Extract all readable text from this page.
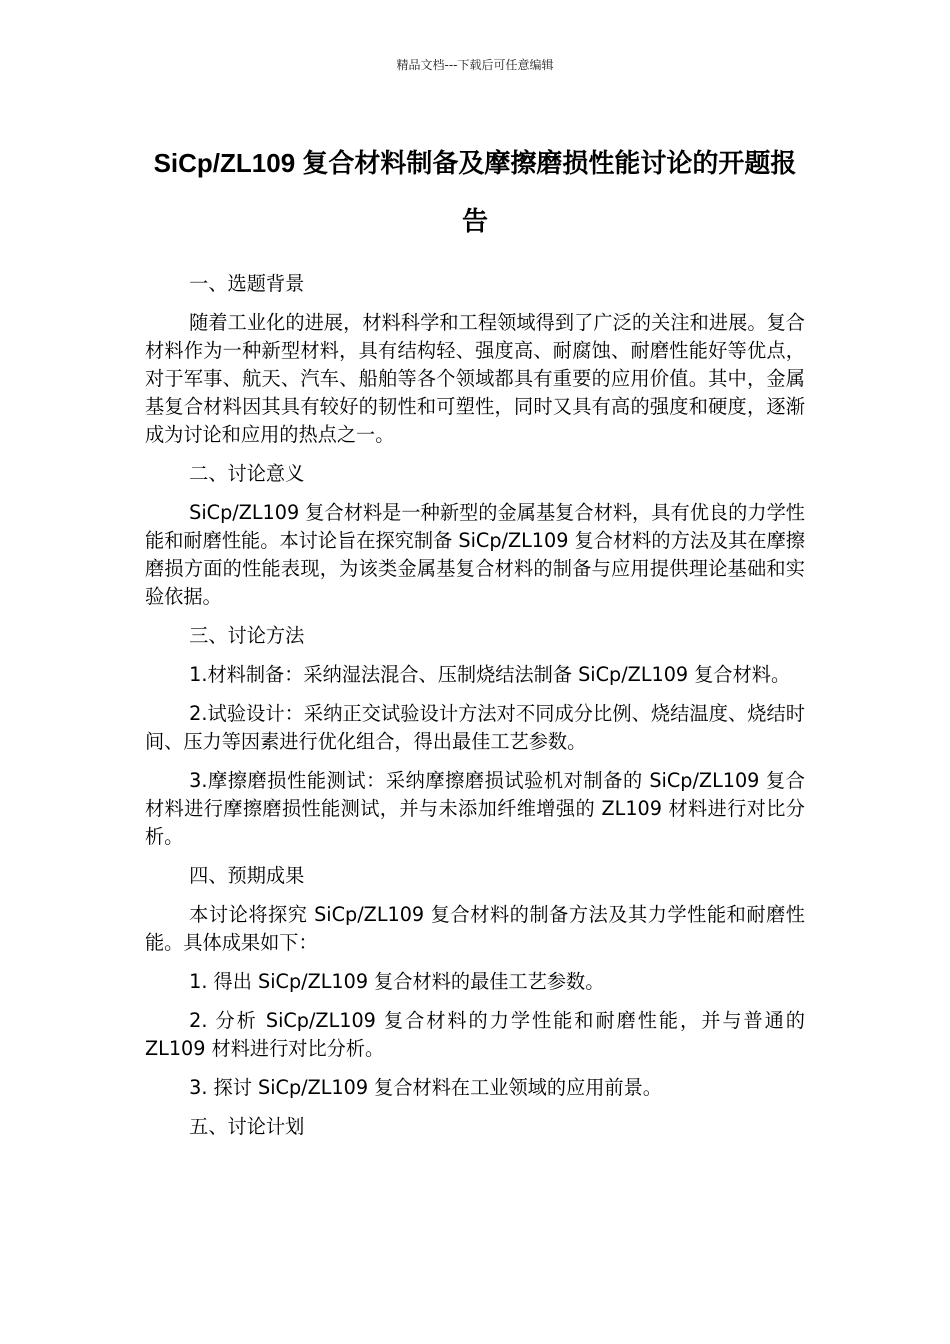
精品文档---下载后可任意编辑
SiCp/ZL109 复合材料制备及摩擦磨损性能讨论的开题报告

一、选题背景

随着工业化的进展，材料科学和工程领域得到了广泛的关注和进展。复合材料作为一种新型材料，具有结构轻、强度高、耐腐蚀、耐磨性能好等优点，对于军事、航天、汽车、船舶等各个领域都具有重要的应用价值。其中，金属基复合材料因其具有较好的韧性和可塑性，同时又具有高的强度和硬度，逐渐成为讨论和应用的热点之一。

二、讨论意义

SiCp/ZL109 复合材料是一种新型的金属基复合材料，具有优良的力学性能和耐磨性能。本讨论旨在探究制备 SiCp/ZL109 复合材料的方法及其在摩擦磨损方面的性能表现，为该类金属基复合材料的制备与应用提供理论基础和实验依据。

三、讨论方法

1.材料制备：采纳湿法混合、压制烧结法制备 SiCp/ZL109 复合材料。

2.试验设计：采纳正交试验设计方法对不同成分比例、烧结温度、烧结时间、压力等因素进行优化组合，得出最佳工艺参数。

3.摩擦磨损性能测试：采纳摩擦磨损试验机对制备的 SiCp/ZL109 复合材料进行摩擦磨损性能测试，并与未添加纤维增强的 ZL109 材料进行对比分析。

四、预期成果

本讨论将探究 SiCp/ZL109 复合材料的制备方法及其力学性能和耐磨性能。具体成果如下：

1. 得出 SiCp/ZL109 复合材料的最佳工艺参数。

2. 分析 SiCp/ZL109 复合材料的力学性能和耐磨性能，并与普通的 ZL109 材料进行对比分析。

3. 探讨 SiCp/ZL109 复合材料在工业领域的应用前景。

五、讨论计划
